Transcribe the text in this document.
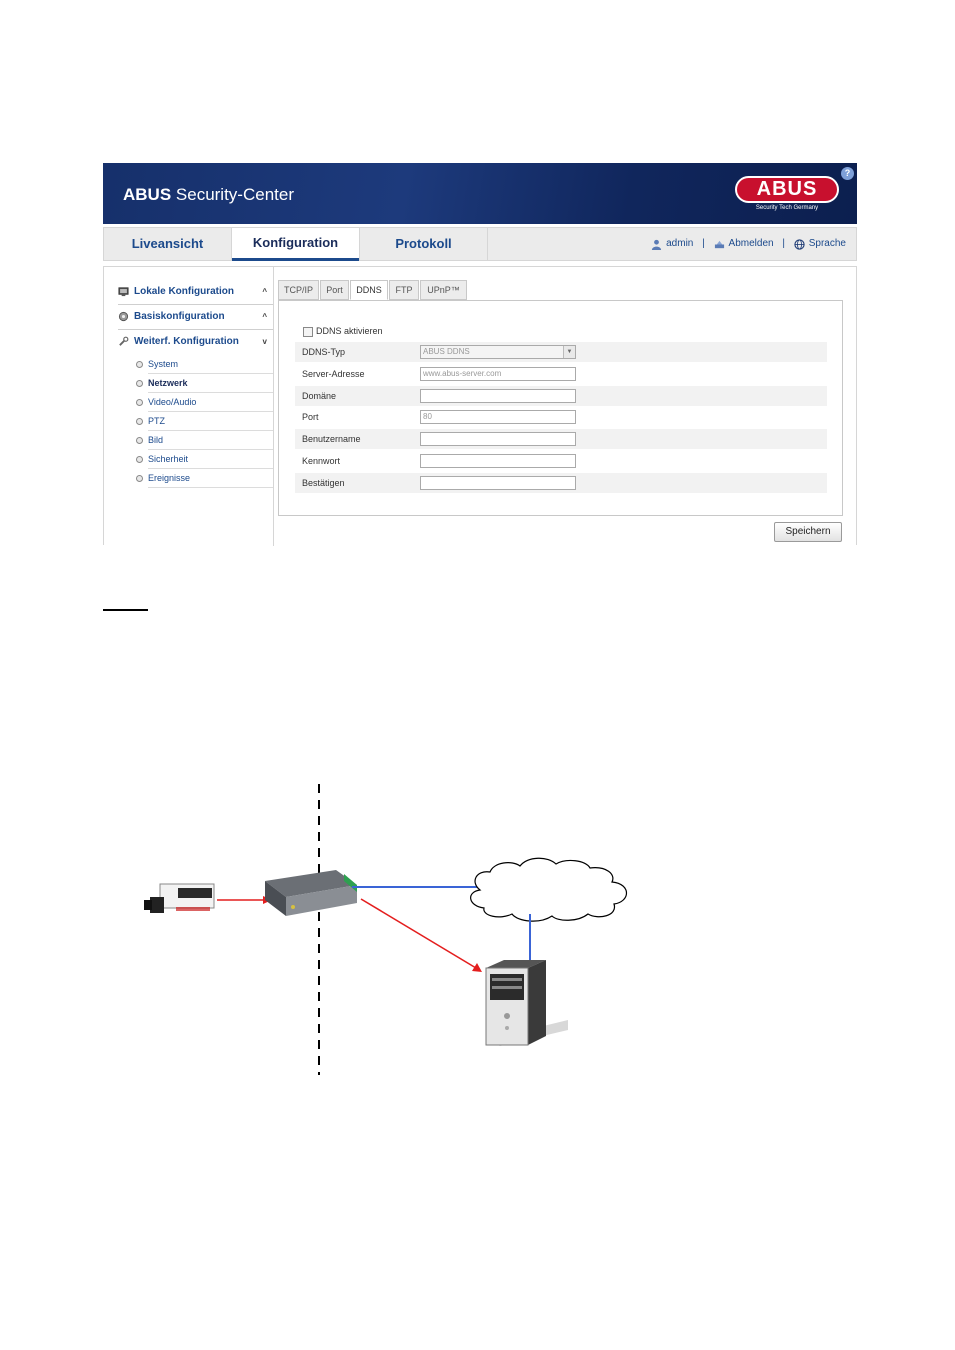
ABUS Security-Center	ABUS
Security Tech Germany
?
Liveansicht	Konfiguration	Protokoll	admin | Abmelden | Sprache
Lokale Konfiguration	^
Basiskonfiguration	^
Weiterf. Konfiguration	v
System
Netzwerk
Video/Audio
PTZ
Bild
Sicherheit
Ereignisse
TCP/IP	Port	DDNS	FTP	UPnP™
DDNS aktivieren
DDNS-Typ	ABUS DDNS	▼
Server-Adresse	www.abus-server.com
Domäne
Port	80
Benutzername
Kennwort
Bestätigen
Speichern
